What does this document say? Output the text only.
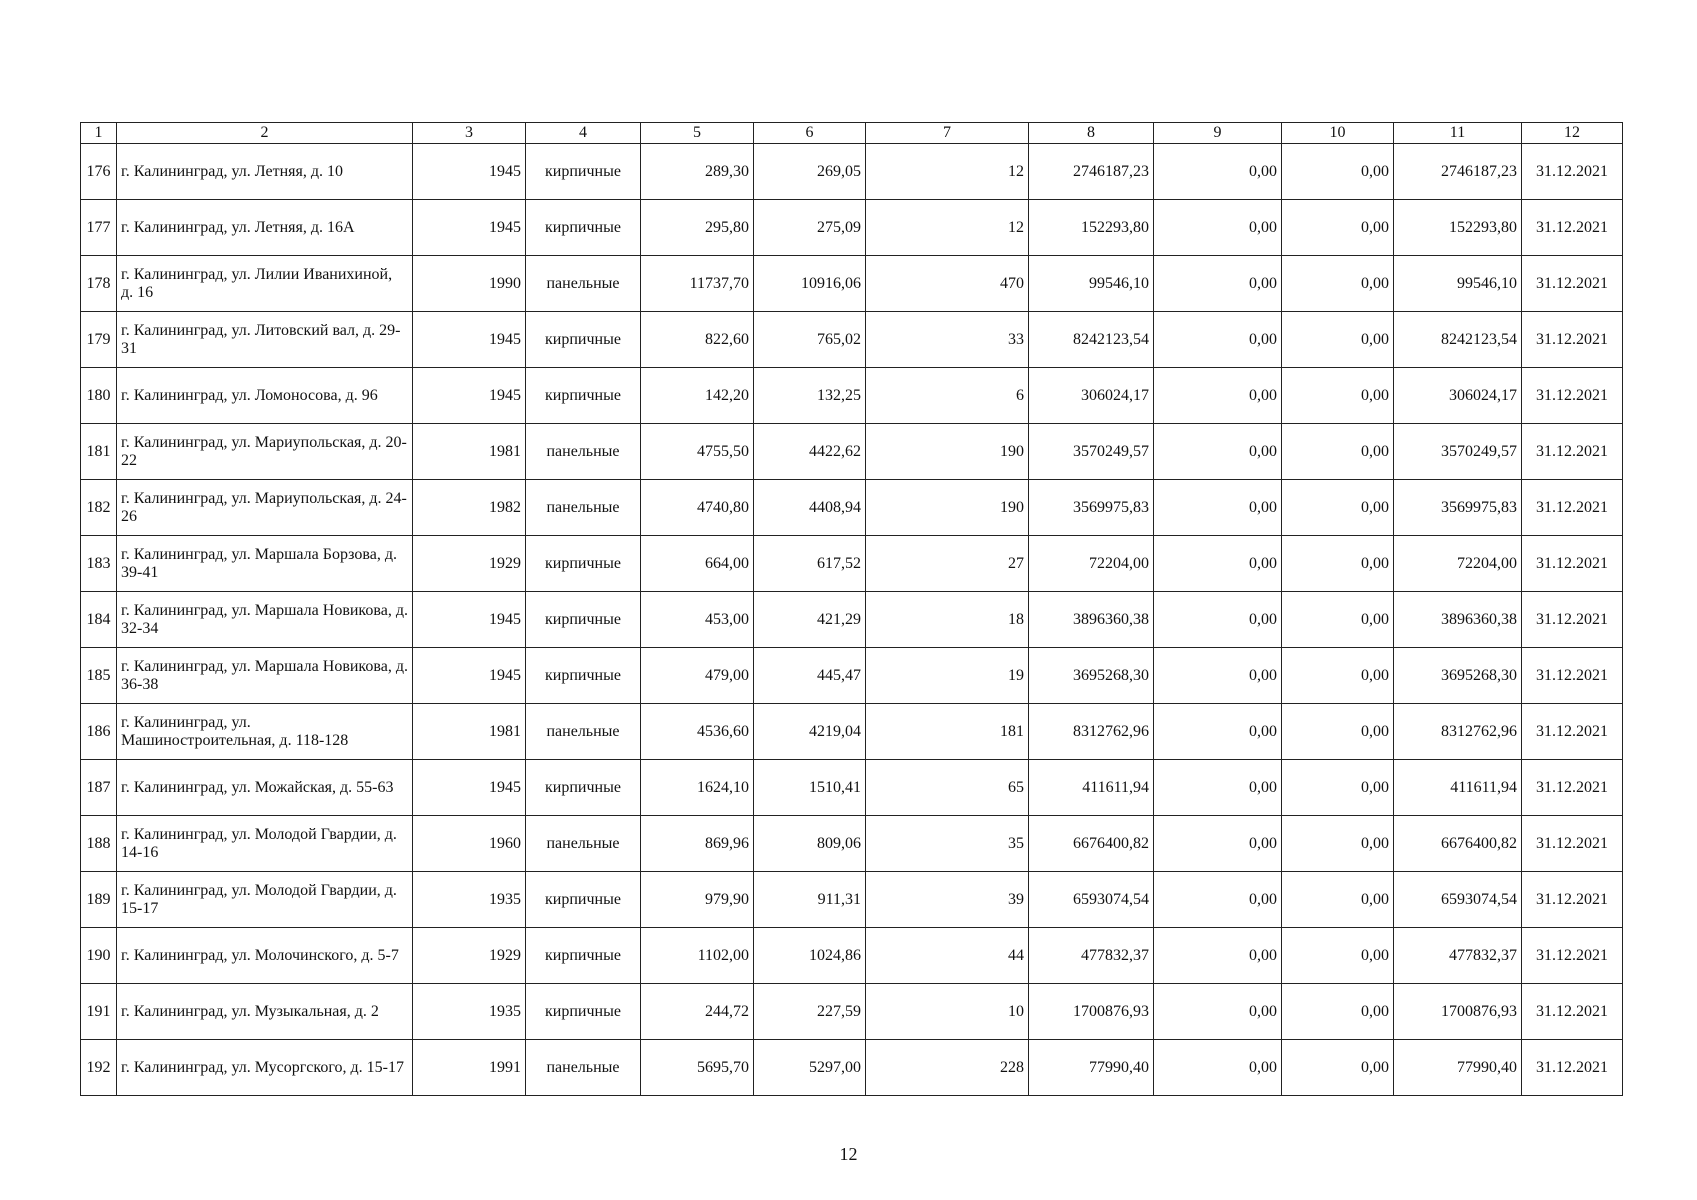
1	2	3	4	5	6	7	8	9	10	11	12
176	г. Калининград, ул. Летняя, д. 10	1945	кирпичные	289,30	269,05	12	2746187,23	0,00	0,00	2746187,23	31.12.2021
177	г. Калининград, ул. Летняя, д. 16А	1945	кирпичные	295,80	275,09	12	152293,80	0,00	0,00	152293,80	31.12.2021
178	г. Калининград, ул. Лилии Иванихиной, д. 16	1990	панельные	11737,70	10916,06	470	99546,10	0,00	0,00	99546,10	31.12.2021
179	г. Калининград, ул. Литовский вал, д. 29-31	1945	кирпичные	822,60	765,02	33	8242123,54	0,00	0,00	8242123,54	31.12.2021
180	г. Калининград, ул. Ломоносова, д. 96	1945	кирпичные	142,20	132,25	6	306024,17	0,00	0,00	306024,17	31.12.2021
181	г. Калининград, ул. Мариупольская, д. 20-22	1981	панельные	4755,50	4422,62	190	3570249,57	0,00	0,00	3570249,57	31.12.2021
182	г. Калининград, ул. Мариупольская, д. 24-26	1982	панельные	4740,80	4408,94	190	3569975,83	0,00	0,00	3569975,83	31.12.2021
183	г. Калининград, ул. Маршала Борзова, д. 39-41	1929	кирпичные	664,00	617,52	27	72204,00	0,00	0,00	72204,00	31.12.2021
184	г. Калининград, ул. Маршала Новикова, д. 32-34	1945	кирпичные	453,00	421,29	18	3896360,38	0,00	0,00	3896360,38	31.12.2021
185	г. Калининград, ул. Маршала Новикова, д. 36-38	1945	кирпичные	479,00	445,47	19	3695268,30	0,00	0,00	3695268,30	31.12.2021
186	г. Калининград, ул. Машиностроительная, д. 118-128	1981	панельные	4536,60	4219,04	181	8312762,96	0,00	0,00	8312762,96	31.12.2021
187	г. Калининград, ул. Можайская, д. 55-63	1945	кирпичные	1624,10	1510,41	65	411611,94	0,00	0,00	411611,94	31.12.2021
188	г. Калининград, ул. Молодой Гвардии, д. 14-16	1960	панельные	869,96	809,06	35	6676400,82	0,00	0,00	6676400,82	31.12.2021
189	г. Калининград, ул. Молодой Гвардии, д. 15-17	1935	кирпичные	979,90	911,31	39	6593074,54	0,00	0,00	6593074,54	31.12.2021
190	г. Калининград, ул. Молочинского, д. 5-7	1929	кирпичные	1102,00	1024,86	44	477832,37	0,00	0,00	477832,37	31.12.2021
191	г. Калининград, ул. Музыкальная, д. 2	1935	кирпичные	244,72	227,59	10	1700876,93	0,00	0,00	1700876,93	31.12.2021
192	г. Калининград, ул. Мусоргского, д. 15-17	1991	панельные	5695,70	5297,00	228	77990,40	0,00	0,00	77990,40	31.12.2021
12
